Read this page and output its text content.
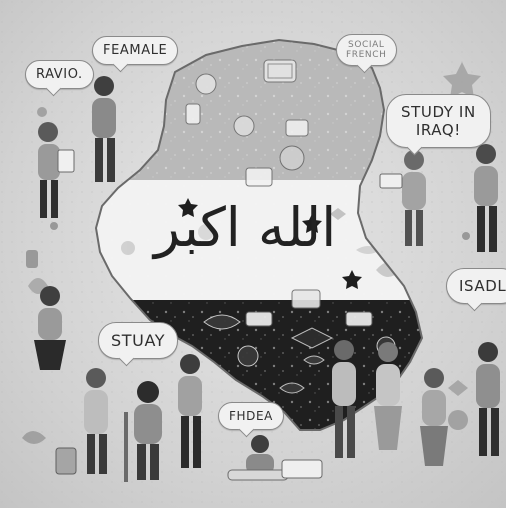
الله اكبر
RAVIO.
FEAMALE	SOCIAL
FRENCH
STUDY IN
IRAQ!
ISADL
STUAY
FHDEA
